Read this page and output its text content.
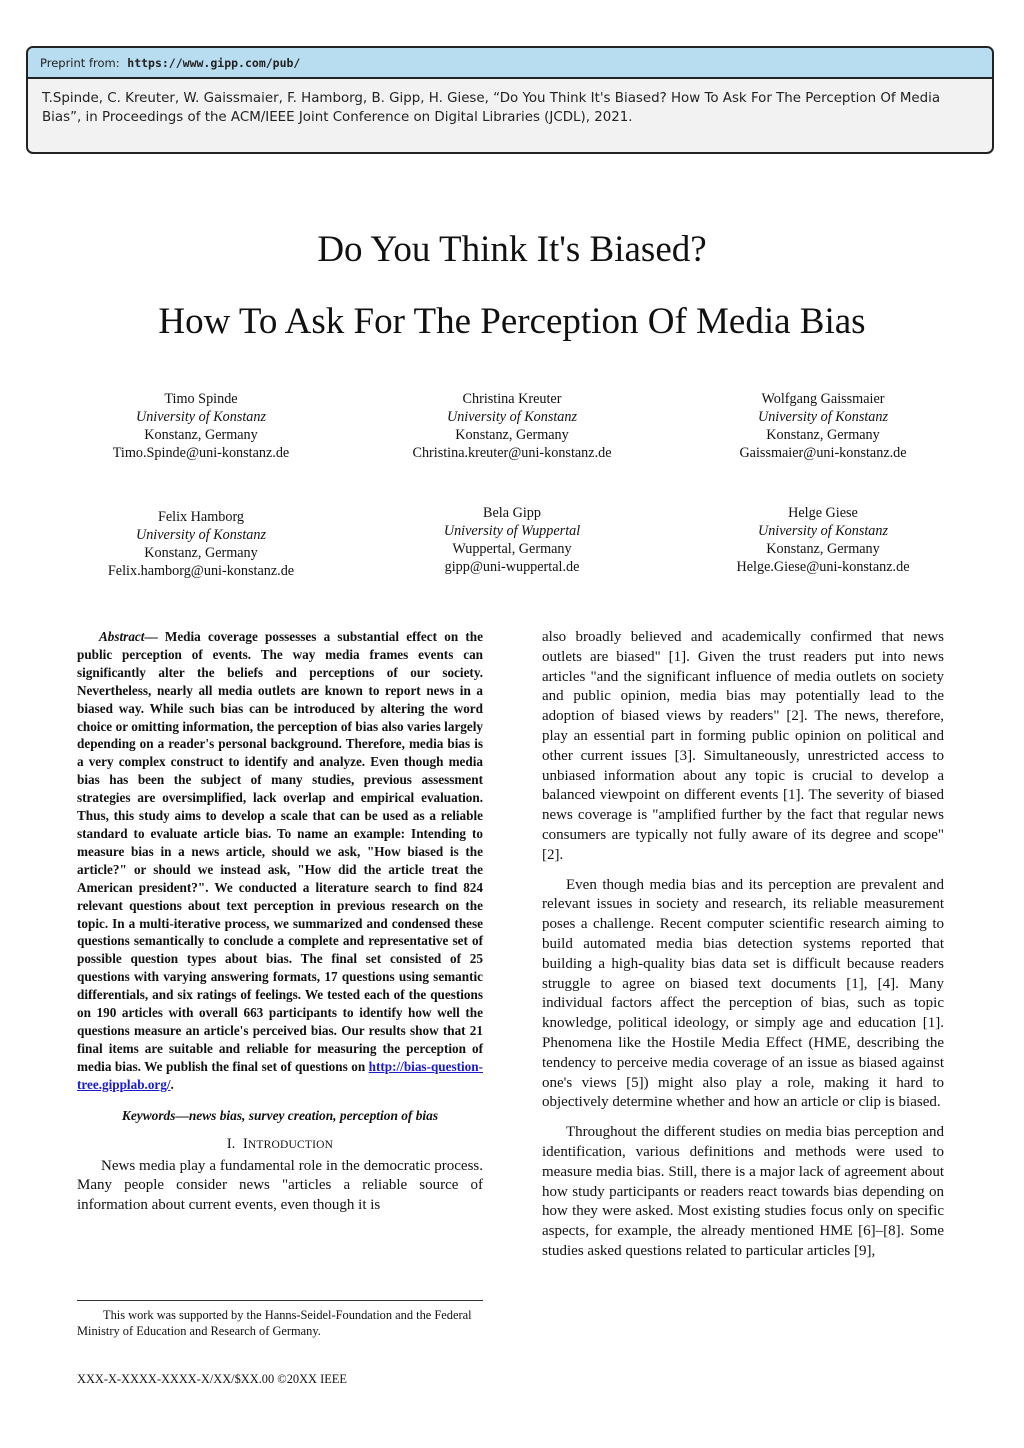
Preprint from: https://www.gipp.com/pub/
T.Spinde, C. Kreuter, W. Gaissmaier, F. Hamborg, B. Gipp, H. Giese, “Do You Think It's Biased? How To Ask For The Perception Of Media Bias”, in Proceedings of the ACM/IEEE Joint Conference on Digital Libraries (JCDL), 2021.
Do You Think It's Biased?
How To Ask For The Perception Of Media Bias
Timo Spinde
University of Konstanz
Konstanz, Germany
Timo.Spinde@uni-konstanz.de
Christina Kreuter
University of Konstanz
Konstanz, Germany
Christina.kreuter@uni-konstanz.de
Wolfgang Gaissmaier
University of Konstanz
Konstanz, Germany
Gaissmaier@uni-konstanz.de
Felix Hamborg
University of Konstanz
Konstanz, Germany
Felix.hamborg@uni-konstanz.de
Bela Gipp
University of Wuppertal
Wuppertal, Germany
gipp@uni-wuppertal.de
Helge Giese
University of Konstanz
Konstanz, Germany
Helge.Giese@uni-konstanz.de

Abstract— Media coverage possesses a substantial effect on the public perception of events. The way media frames events can significantly alter the beliefs and perceptions of our society. Nevertheless, nearly all media outlets are known to report news in a biased way. While such bias can be introduced by altering the word choice or omitting information, the perception of bias also varies largely depending on a reader's personal background. Therefore, media bias is a very complex construct to identify and analyze. Even though media bias has been the subject of many studies, previous assessment strategies are oversimplified, lack overlap and empirical evaluation. Thus, this study aims to develop a scale that can be used as a reliable standard to evaluate article bias. To name an example: Intending to measure bias in a news article, should we ask, "How biased is the article?" or should we instead ask, "How did the article treat the American president?". We conducted a literature search to find 824 relevant questions about text perception in previous research on the topic. In a multi-iterative process, we summarized and condensed these questions semantically to conclude a complete and representative set of possible question types about bias. The final set consisted of 25 questions with varying answering formats, 17 questions using semantic differentials, and six ratings of feelings. We tested each of the questions on 190 articles with overall 663 participants to identify how well the questions measure an article's perceived bias. Our results show that 21 final items are suitable and reliable for measuring the perception of media bias. We publish the final set of questions on http://bias-question-tree.gipplab.org/.

Keywords—news bias, survey creation, perception of bias

I. INTRODUCTION

News media play a fundamental role in the democratic process. Many people consider news "articles a reliable source of information about current events, even though it is

This work was supported by the Hanns-Seidel-Foundation and the Federal Ministry of Education and Research of Germany.

XXX-X-XXXX-XXXX-X/XX/$XX.00 ©20XX IEEE

also broadly believed and academically confirmed that news outlets are biased" [1]. Given the trust readers put into news articles "and the significant influence of media outlets on society and public opinion, media bias may potentially lead to the adoption of biased views by readers" [2]. The news, therefore, play an essential part in forming public opinion on political and other current issues [3]. Simultaneously, unrestricted access to unbiased information about any topic is crucial to develop a balanced viewpoint on different events [1]. The severity of biased news coverage is "amplified further by the fact that regular news consumers are typically not fully aware of its degree and scope" [2].

Even though media bias and its perception are prevalent and relevant issues in society and research, its reliable measurement poses a challenge. Recent computer scientific research aiming to build automated media bias detection systems reported that building a high-quality bias data set is difficult because readers struggle to agree on biased text documents [1], [4]. Many individual factors affect the perception of bias, such as topic knowledge, political ideology, or simply age and education [1]. Phenomena like the Hostile Media Effect (HME, describing the tendency to perceive media coverage of an issue as biased against one's views [5]) might also play a role, making it hard to objectively determine whether and how an article or clip is biased.

Throughout the different studies on media bias perception and identification, various definitions and methods were used to measure media bias. Still, there is a major lack of agreement about how study participants or readers react towards bias depending on how they were asked. Most existing studies focus only on specific aspects, for example, the already mentioned HME [6]–[8]. Some studies asked questions related to particular articles [9],
